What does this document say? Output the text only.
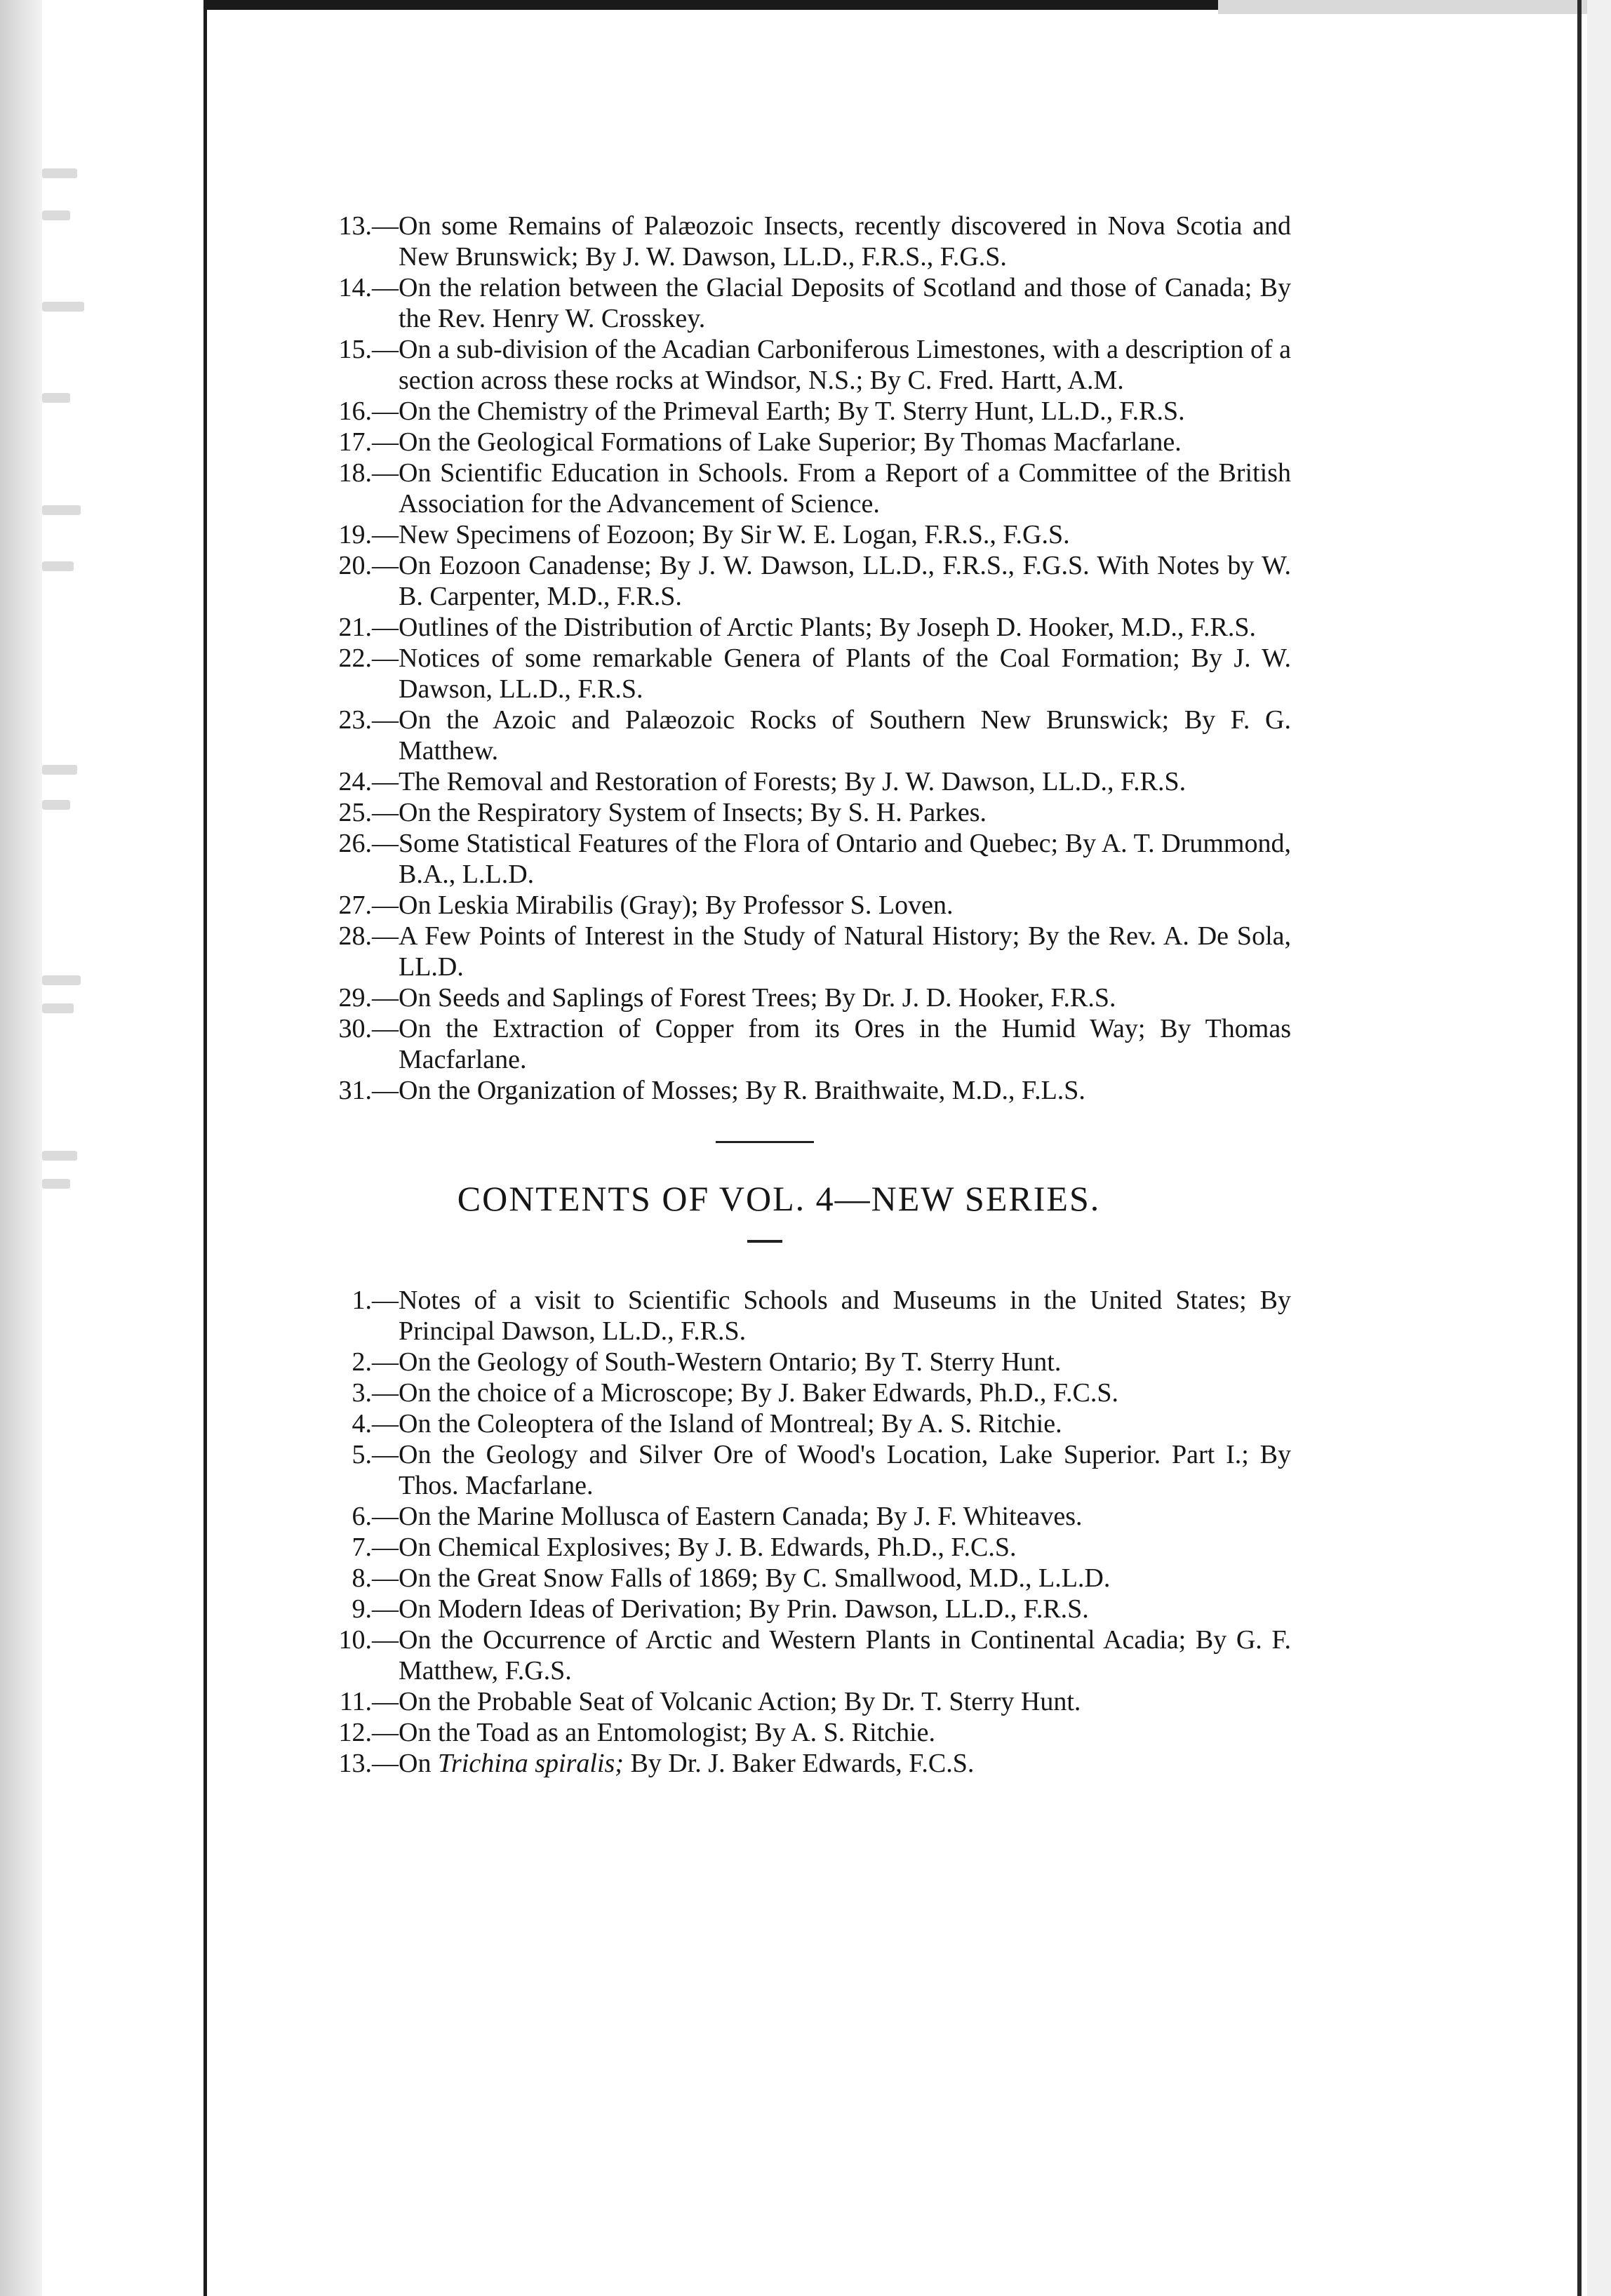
13. — On some Remains of Palæozoic Insects, recently discovered in Nova Scotia and New Brunswick; By J. W. Dawson, LL.D., F.R.S., F.G.S.
14. — On the relation between the Glacial Deposits of Scotland and those of Canada; By the Rev. Henry W. Crosskey.
15. — On a sub-division of the Acadian Carboniferous Limestones, with a description of a section across these rocks at Windsor, N.S.; By C. Fred. Hartt, A.M.
16. — On the Chemistry of the Primeval Earth; By T. Sterry Hunt, LL.D., F.R.S.
17. — On the Geological Formations of Lake Superior; By Thomas Macfarlane.
18. — On Scientific Education in Schools. From a Report of a Committee of the British Association for the Advancement of Science.
19. — New Specimens of Eozoon; By Sir W. E. Logan, F.R.S., F.G.S.
20. — On Eozoon Canadense; By J. W. Dawson, LL.D., F.R.S., F.G.S. With Notes by W. B. Carpenter, M.D., F.R.S.
21. — Outlines of the Distribution of Arctic Plants; By Joseph D. Hooker, M.D., F.R.S.
22. — Notices of some remarkable Genera of Plants of the Coal Formation; By J. W. Dawson, LL.D., F.R.S.
23. — On the Azoic and Palæozoic Rocks of Southern New Brunswick; By F. G. Matthew.
24. — The Removal and Restoration of Forests; By J. W. Dawson, LL.D., F.R.S.
25. — On the Respiratory System of Insects; By S. H. Parkes.
26. — Some Statistical Features of the Flora of Ontario and Quebec; By A. T. Drummond, B.A., L.L.D.
27. — On Leskia Mirabilis (Gray); By Professor S. Loven.
28. — A Few Points of Interest in the Study of Natural History; By the Rev. A. De Sola, LL.D.
29. — On Seeds and Saplings of Forest Trees; By Dr. J. D. Hooker, F.R.S.
30. — On the Extraction of Copper from its Ores in the Humid Way; By Thomas Macfarlane.
31. — On the Organization of Mosses; By R. Braithwaite, M.D., F.L.S.
CONTENTS OF VOL. 4—NEW SERIES.
1. — Notes of a visit to Scientific Schools and Museums in the United States; By Principal Dawson, LL.D., F.R.S.
2. — On the Geology of South-Western Ontario; By T. Sterry Hunt.
3. — On the choice of a Microscope; By J. Baker Edwards, Ph.D., F.C.S.
4. — On the Coleoptera of the Island of Montreal; By A. S. Ritchie.
5. — On the Geology and Silver Ore of Wood's Location, Lake Superior. Part I.; By Thos. Macfarlane.
6. — On the Marine Mollusca of Eastern Canada; By J. F. Whiteaves.
7. — On Chemical Explosives; By J. B. Edwards, Ph.D., F.C.S.
8. — On the Great Snow Falls of 1869; By C. Smallwood, M.D., L.L.D.
9. — On Modern Ideas of Derivation; By Prin. Dawson, LL.D., F.R.S.
10. — On the Occurrence of Arctic and Western Plants in Continental Acadia; By G. F. Matthew, F.G.S.
11. — On the Probable Seat of Volcanic Action; By Dr. T. Sterry Hunt.
12. — On the Toad as an Entomologist; By A. S. Ritchie.
13. — On Trichina spiralis; By Dr. J. Baker Edwards, F.C.S.
